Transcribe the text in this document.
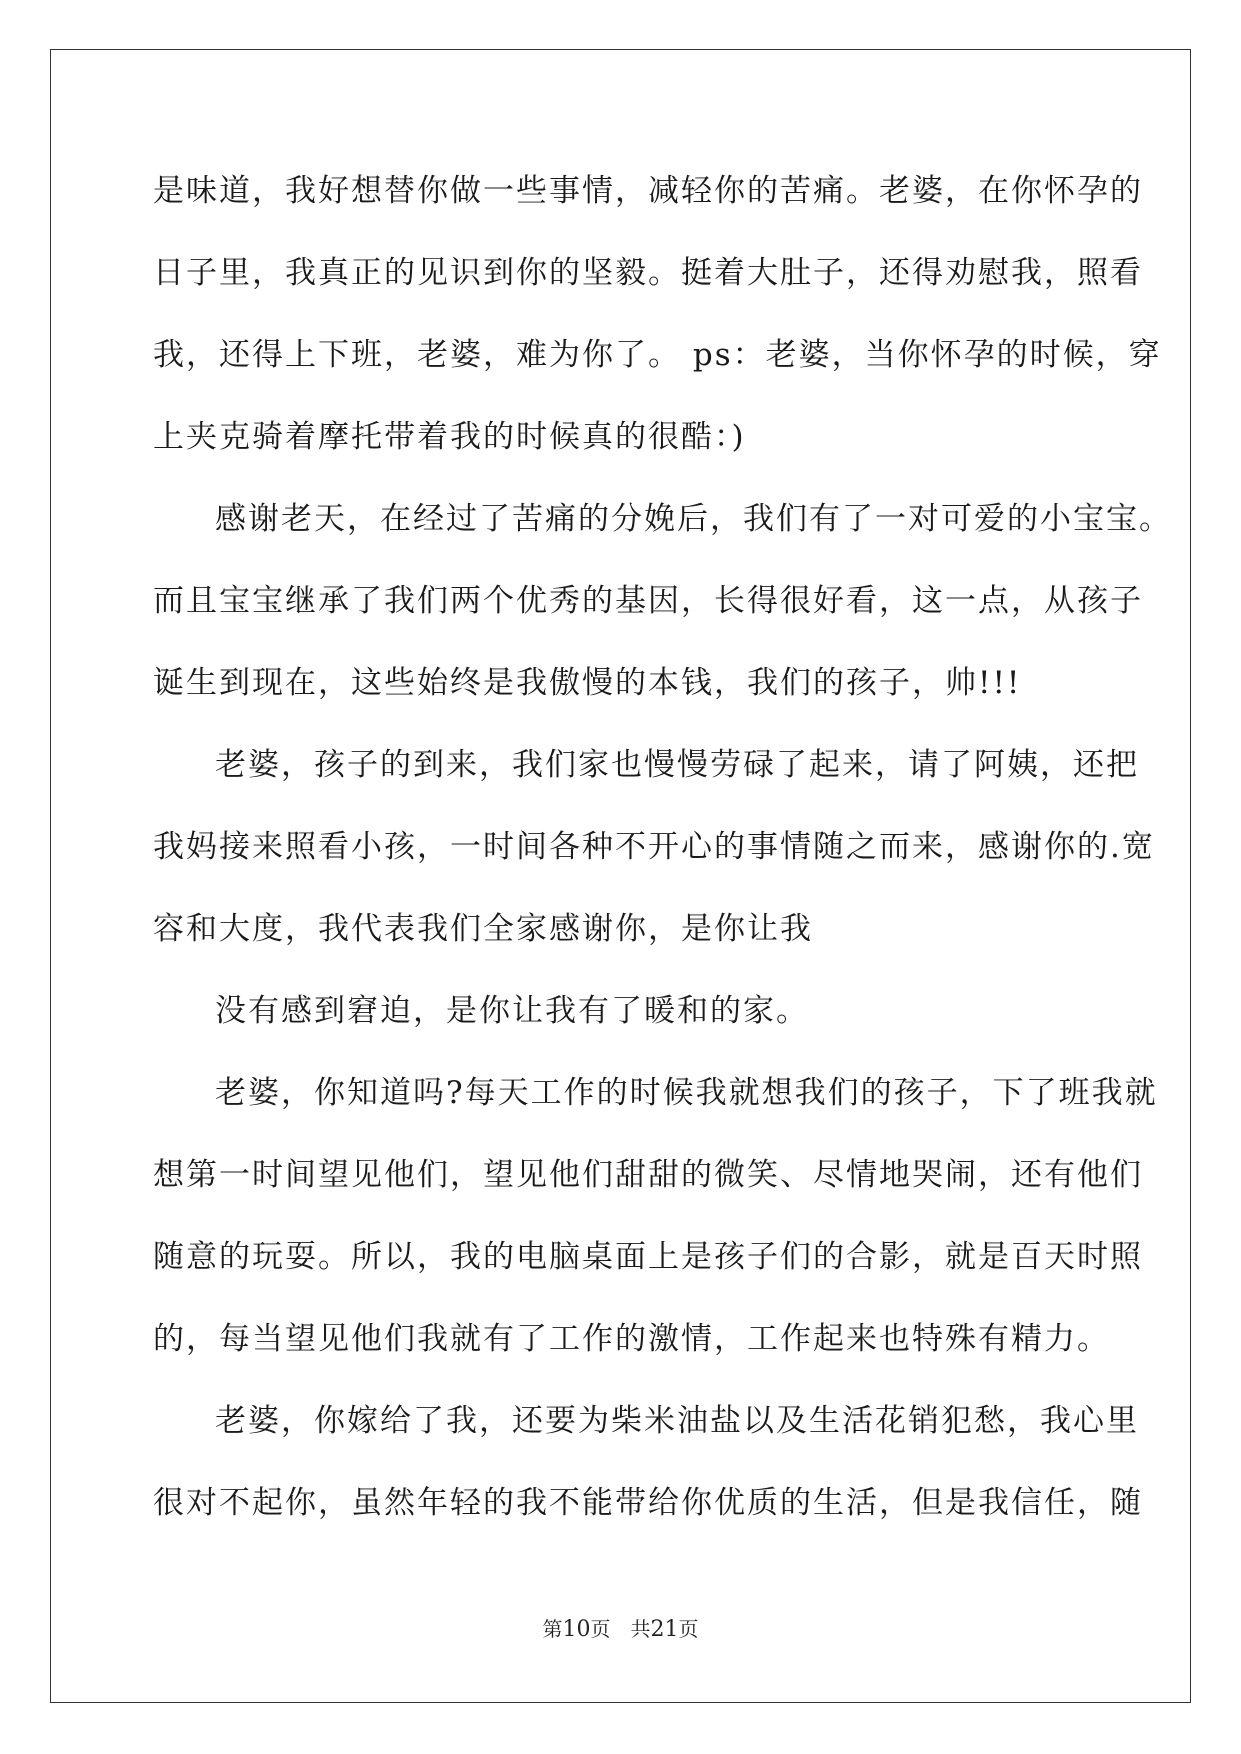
是味道，我好想替你做一些事情，减轻你的苦痛。老婆，在你怀孕的
日子里，我真正的见识到你的坚毅。挺着大肚子，还得劝慰我，照看
我，还得上下班，老婆，难为你了。 ps：老婆，当你怀孕的时候，穿
上夹克骑着摩托带着我的时候真的很酷：)
感谢老天，在经过了苦痛的分娩后，我们有了一对可爱的小宝宝。
而且宝宝继承了我们两个优秀的基因，长得很好看，这一点，从孩子
诞生到现在，这些始终是我傲慢的本钱，我们的孩子，帅!!!
老婆，孩子的到来，我们家也慢慢劳碌了起来，请了阿姨，还把
我妈接来照看小孩，一时间各种不开心的事情随之而来，感谢你的.宽
容和大度，我代表我们全家感谢你，是你让我
没有感到窘迫，是你让我有了暖和的家。
老婆，你知道吗?每天工作的时候我就想我们的孩子，下了班我就
想第一时间望见他们，望见他们甜甜的微笑、尽情地哭闹，还有他们
随意的玩耍。所以，我的电脑桌面上是孩子们的合影，就是百天时照
的，每当望见他们我就有了工作的激情，工作起来也特殊有精力。
老婆，你嫁给了我，还要为柴米油盐以及生活花销犯愁，我心里
很对不起你，虽然年轻的我不能带给你优质的生活，但是我信任，随
第10页 共21页
